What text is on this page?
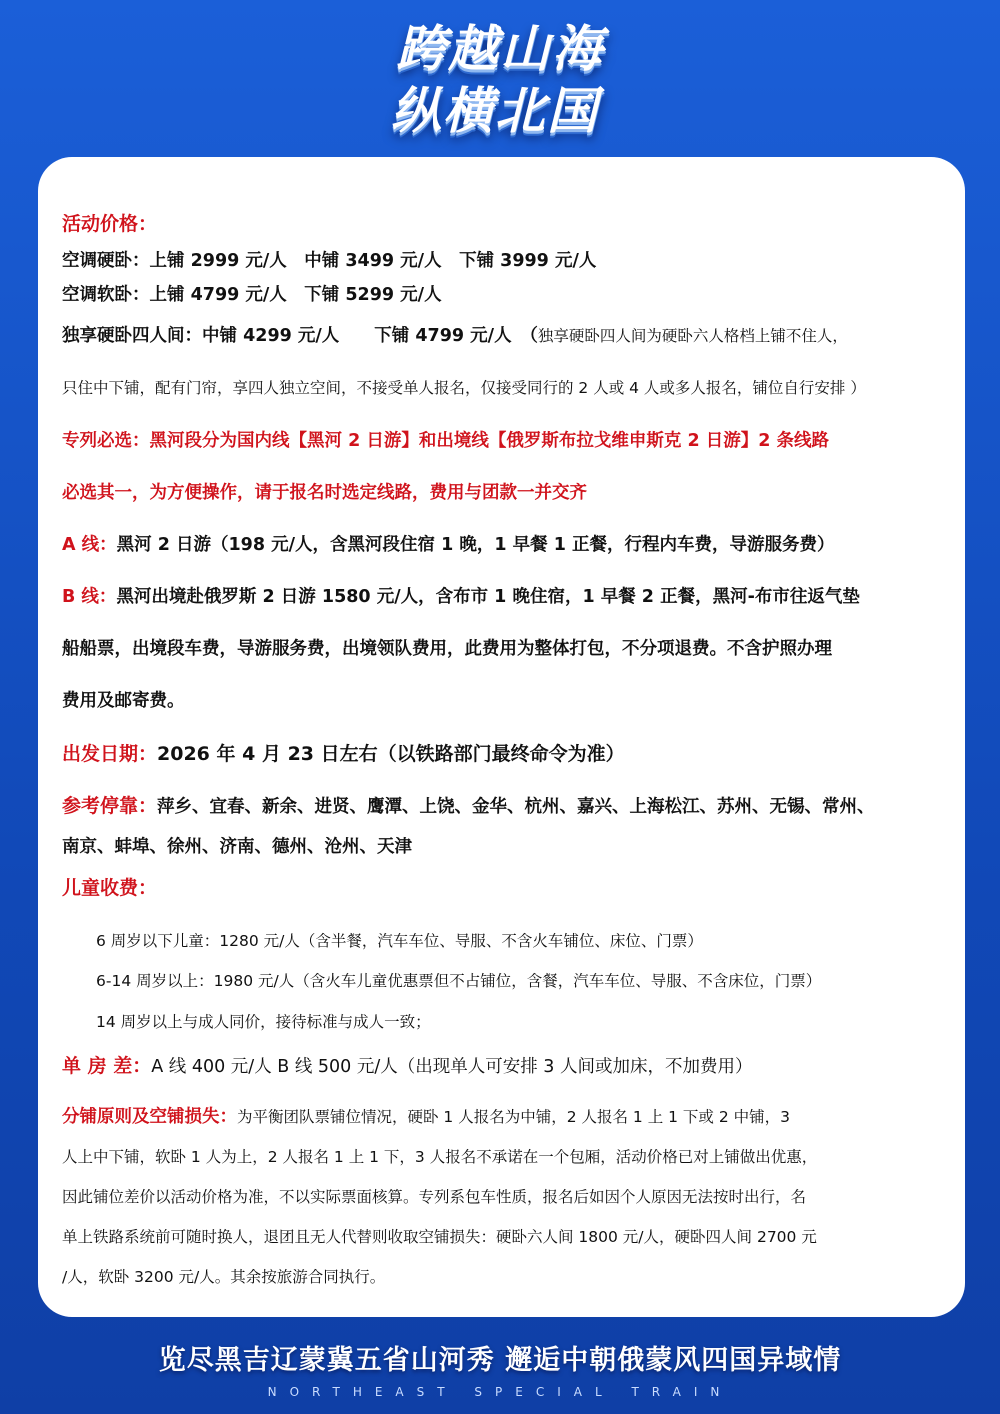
跨越山海
纵横北国
活动价格：
空调硬卧：上铺 2999 元/人　中铺 3499 元/人　下铺 3999 元/人
空调软卧：上铺 4799 元/人　下铺 5299 元/人
独享硬卧四人间：中铺 4299 元/人　　下铺 4799 元/人　（独享硬卧四人间为硬卧六人格档上铺不住人，
只住中下铺，配有门帘，享四人独立空间，不接受单人报名，仅接受同行的 2 人或 4 人或多人报名，铺位自行安排 ）
专列必选：黑河段分为国内线【黑河 2 日游】和出境线【俄罗斯布拉戈维申斯克 2 日游】2 条线路
必选其一，为方便操作，请于报名时选定线路，费用与团款一并交齐
A 线：黑河 2 日游（198 元/人，含黑河段住宿 1 晚，1 早餐 1 正餐，行程内车费，导游服务费）
B 线：黑河出境赴俄罗斯 2 日游 1580 元/人，含布市 1 晚住宿，1 早餐 2 正餐，黑河-布市往返气垫
船船票，出境段车费，导游服务费，出境领队费用，此费用为整体打包，不分项退费。不含护照办理
费用及邮寄费。
出发日期：2026 年 4 月 23 日左右（以铁路部门最终命令为准）
参考停靠：萍乡、宜春、新余、进贤、鹰潭、上饶、金华、杭州、嘉兴、上海松江、苏州、无锡、常州、
南京、蚌埠、徐州、济南、德州、沧州、天津
儿童收费：
6 周岁以下儿童：1280 元/人（含半餐，汽车车位、导服、不含火车铺位、床位、门票）
6-14 周岁以上：1980 元/人（含火车儿童优惠票但不占铺位，含餐，汽车车位、导服、不含床位，门票）
14 周岁以上与成人同价，接待标准与成人一致；
单 房 差：A 线 400 元/人 B 线 500 元/人（出现单人可安排 3 人间或加床，不加费用）
分铺原则及空铺损失：为平衡团队票铺位情况，硬卧 1 人报名为中铺，2 人报名 1 上 1 下或 2 中铺，3
人上中下铺，软卧 1 人为上，2 人报名 1 上 1 下，3 人报名不承诺在一个包厢，活动价格已对上铺做出优惠，
因此铺位差价以活动价格为准，不以实际票面核算。专列系包车性质，报名后如因个人原因无法按时出行，名
单上铁路系统前可随时换人，退团且无人代替则收取空铺损失：硬卧六人间 1800 元/人，硬卧四人间 2700 元
/人，软卧 3200 元/人。其余按旅游合同执行。
览尽黑吉辽蒙冀五省山河秀 邂逅中朝俄蒙风四国异域情
NORTHEAST SPECIAL TRAIN
